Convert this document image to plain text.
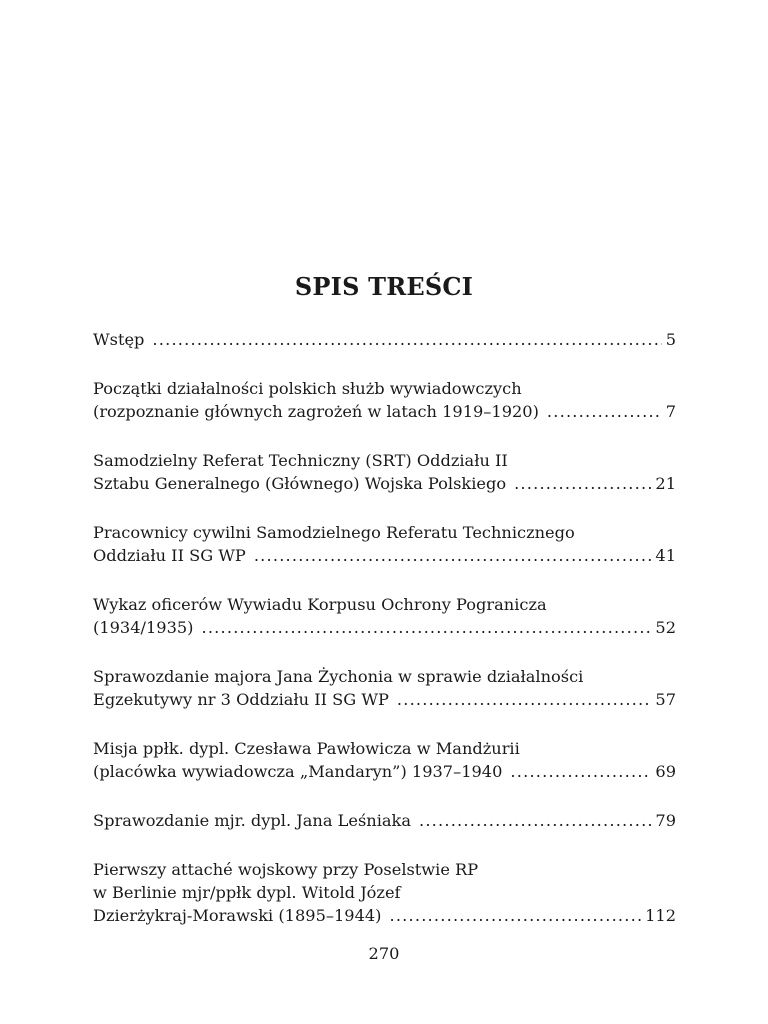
SPIS TREŚCI
Wstęp .....	5
Początki działalności polskich służb wywiadowczych
(rozpoznanie głównych zagrożeń w latach 1919–1920) .....	7
Samodzielny Referat Techniczny (SRT) Oddziału II
Sztabu Generalnego (Głównego) Wojska Polskiego .....	21
Pracownicy cywilni Samodzielnego Referatu Technicznego
Oddziału II SG WP .....	41
Wykaz oficerów Wywiadu Korpusu Ochrony Pogranicza
(1934/1935) .....	52
Sprawozdanie majora Jana Żychonia w sprawie działalności
Egzekutywy nr 3 Oddziału II SG WP .....	57
Misja ppłk. dypl. Czesława Pawłowicza w Mandżurii
(placówka wywiadowcza „Mandaryn”) 1937–1940 .....	69
Sprawozdanie mjr. dypl. Jana Leśniaka .....	79
Pierwszy attaché wojskowy przy Poselstwie RP
w Berlinie mjr/ppłk dypl. Witold Józef
Dzierżykraj-Morawski (1895–1944) .....	112

270
